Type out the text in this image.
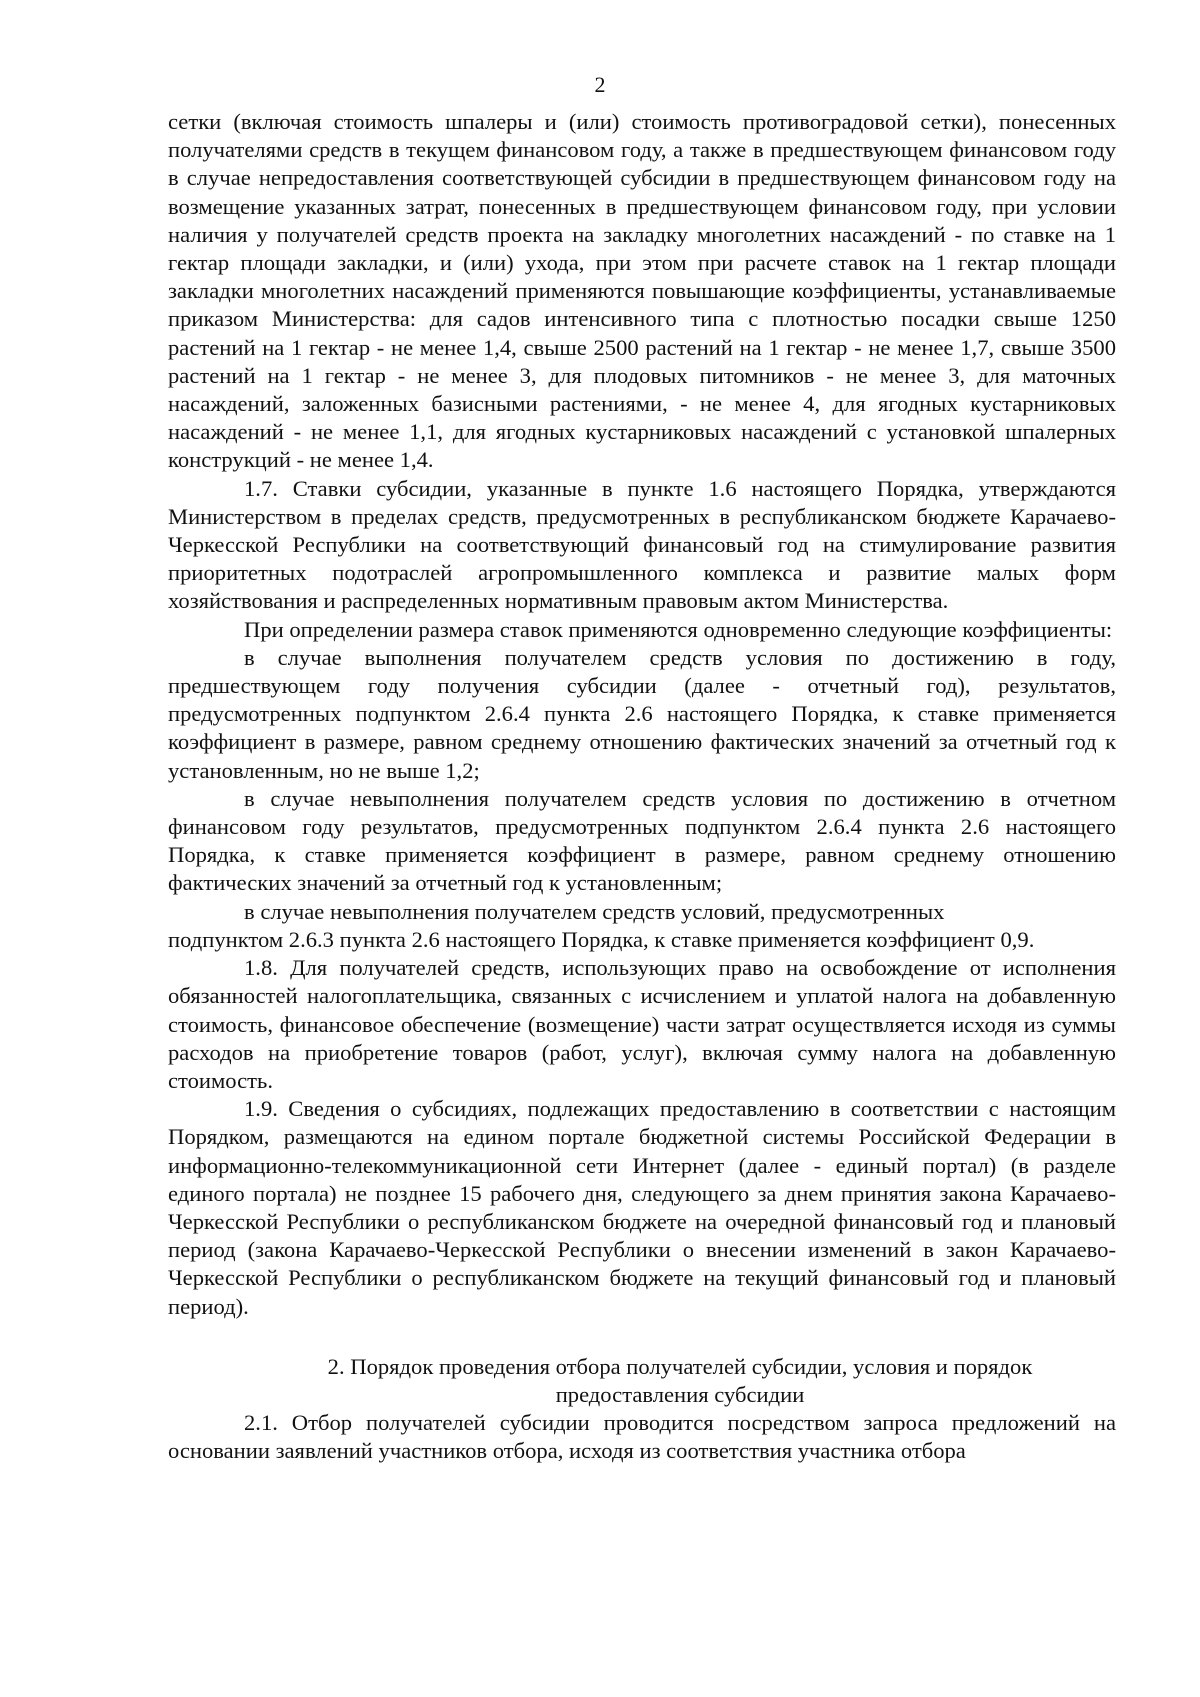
2

сетки (включая стоимость шпалеры и (или) стоимость противоградовой сетки), понесенных получателями средств в текущем финансовом году, а также в предшествующем финансовом году в случае непредоставления соответствующей субсидии в предшествующем финансовом году на возмещение указанных затрат, понесенных в предшествующем финансовом году, при условии наличия у получателей средств проекта на закладку многолетних насаждений - по ставке на 1 гектар площади закладки, и (или) ухода, при этом при расчете ставок на 1 гектар площади закладки многолетних насаждений применяются повышающие коэффициенты, устанавливаемые приказом Министерства: для садов интенсивного типа с плотностью посадки свыше 1250 растений на 1 гектар - не менее 1,4, свыше 2500 растений на 1 гектар - не менее 1,7, свыше 3500 растений на 1 гектар - не менее 3, для плодовых питомников - не менее 3, для маточных насаждений, заложенных базисными растениями, - не менее 4, для ягодных кустарниковых насаждений - не менее 1,1, для ягодных кустарниковых насаждений с установкой шпалерных конструкций - не менее 1,4.

1.7. Ставки субсидии, указанные в пункте 1.6 настоящего Порядка, утверждаются Министерством в пределах средств, предусмотренных в республиканском бюджете Карачаево-Черкесской Республики на соответствующий финансовый год на стимулирование развития приоритетных подотраслей агропромышленного комплекса и развитие малых форм хозяйствования и распределенных нормативным правовым актом Министерства.

При определении размера ставок применяются одновременно следующие коэффициенты:

в случае выполнения получателем средств условия по достижению в году, предшествующем году получения субсидии (далее - отчетный год), результатов, предусмотренных подпунктом 2.6.4 пункта 2.6 настоящего Порядка, к ставке применяется коэффициент в размере, равном среднему отношению фактических значений за отчетный год к установленным, но не выше 1,2;

в случае невыполнения получателем средств условия по достижению в отчетном финансовом году результатов, предусмотренных подпунктом 2.6.4 пункта 2.6 настоящего Порядка, к ставке применяется коэффициент в размере, равном среднему отношению фактических значений за отчетный год к установленным;

в случае невыполнения получателем средств условий, предусмотренных

подпунктом 2.6.3 пункта 2.6 настоящего Порядка, к ставке применяется коэффициент 0,9.

1.8. Для получателей средств, использующих право на освобождение от исполнения обязанностей налогоплательщика, связанных с исчислением и уплатой налога на добавленную стоимость, финансовое обеспечение (возмещение) части затрат осуществляется исходя из суммы расходов на приобретение товаров (работ, услуг), включая сумму налога на добавленную стоимость.

1.9. Сведения о субсидиях, подлежащих предоставлению в соответствии с настоящим Порядком, размещаются на едином портале бюджетной системы Российской Федерации в информационно-телекоммуникационной сети Интернет (далее - единый портал) (в разделе единого портала) не позднее 15 рабочего дня, следующего за днем принятия закона Карачаево-Черкесской Республики о республиканском бюджете на очередной финансовый год и плановый период (закона Карачаево-Черкесской Республики о внесении изменений в закон Карачаево-Черкесской Республики о республиканском бюджете на текущий финансовый год и плановый период).

2. Порядок проведения отбора получателей субсидии, условия и порядок
предоставления субсидии

2.1. Отбор получателей субсидии проводится посредством запроса предложений на основании заявлений участников отбора, исходя из соответствия участника отбора
